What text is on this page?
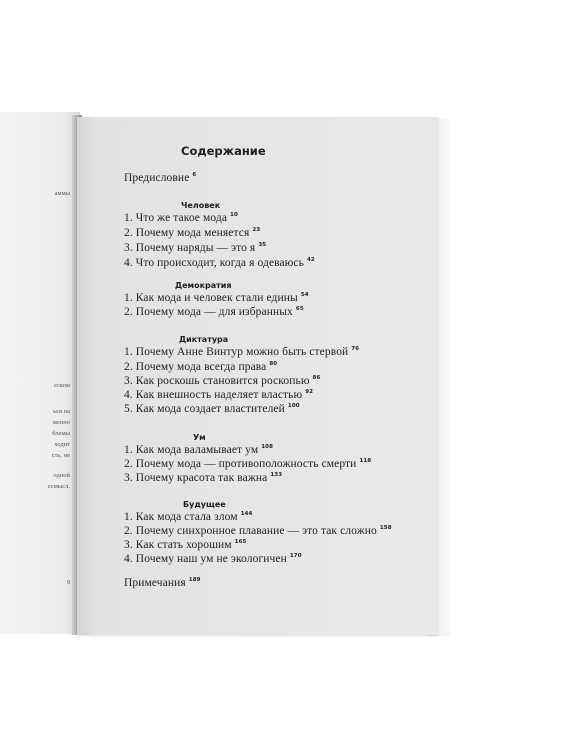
аммы
еском
ься на
менно
блемы
ходит
сть, не
одной
есмысл.
9
Содержание
Предисловие $^6$
Человек
1. Что же такое мода $^{10}$
2. Почему мода меняется $^{23}$
3. Почему наряды — это я $^{35}$
4. Что происходит, когда я одеваюсь $^{42}$
Демократия
1. Как мода и человек стали едины $^{54}$
2. Почему мода — для избранных $^{65}$
Диктатура
1. Почему Анне Винтур можно быть стервой $^{76}$
2. Почему мода всегда права $^{80}$
3. Как роскошь становится роскопью $^{86}$
4. Как внешность наделяет властью $^{92}$
5. Как мода создает властителей $^{100}$
Ум
1. Как мода валамывает ум $^{108}$
2. Почему мода — противоположность смерти $^{118}$
3. Почему красота так важна $^{133}$
Будущее
1. Как мода стала злом $^{144}$
2. Почему синхронное плавание — это так сложно $^{158}$
3. Как стать хорошим $^{165}$
4. Почему наш ум не экологичен $^{170}$
Примечания $^{189}$
